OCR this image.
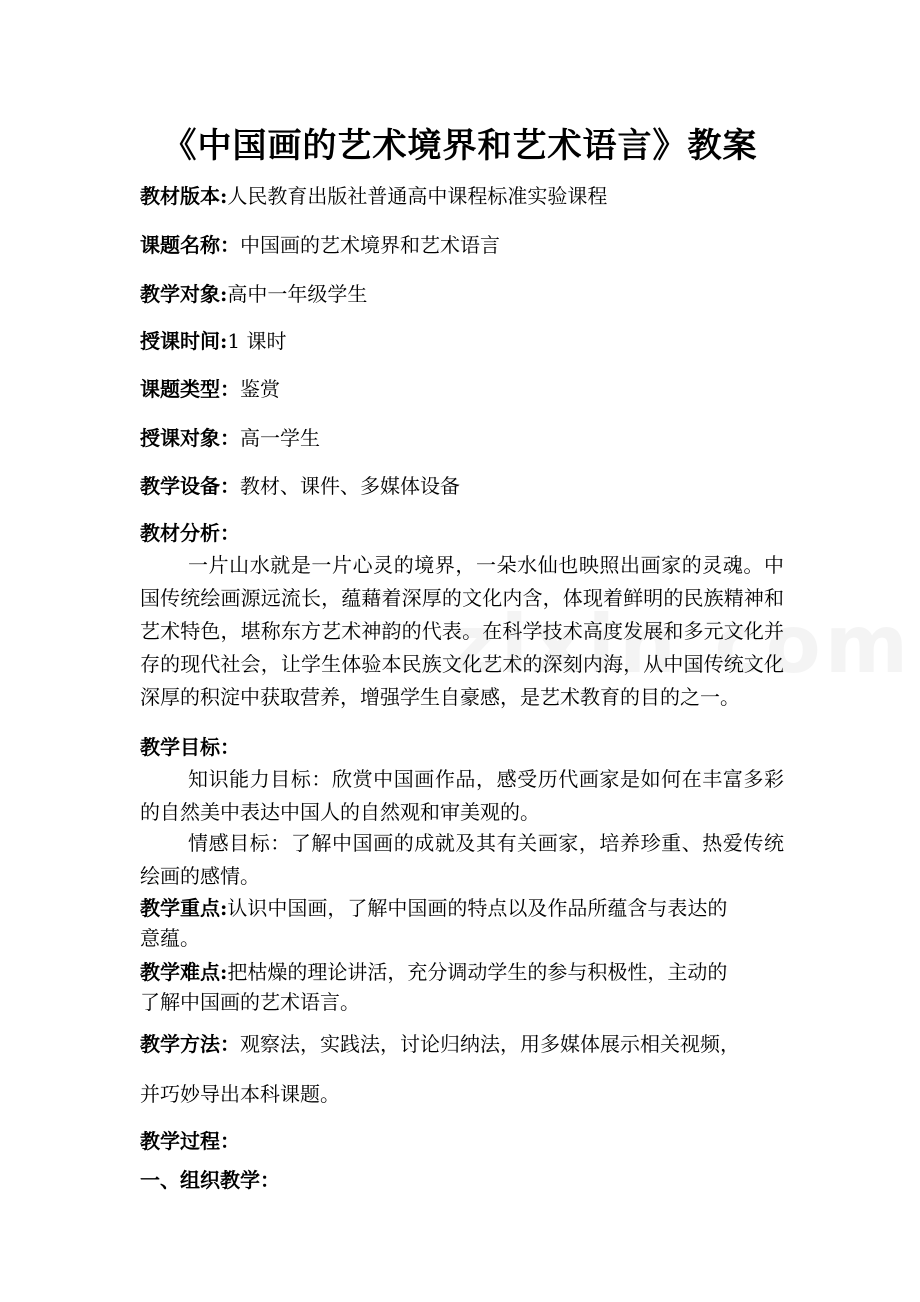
《中国画的艺术境界和艺术语言》教案
教材版本:人民教育出版社普通高中课程标准实验课程
课题名称：中国画的艺术境界和艺术语言
教学对象:高中一年级学生
授课时间:1 课时
课题类型：鉴赏
授课对象：高一学生
教学设备：教材、课件、多媒体设备
教材分析：
一片山水就是一片心灵的境界，一朵水仙也映照出画家的灵魂。中国传统绘画源远流长，蕴藉着深厚的文化内含，体现着鲜明的民族精神和艺术特色，堪称东方艺术神韵的代表。在科学技术高度发展和多元文化并存的现代社会，让学生体验本民族文化艺术的深刻内海，从中国传统文化深厚的积淀中获取营养，增强学生自豪感，是艺术教育的目的之一。
教学目标：
知识能力目标：欣赏中国画作品，感受历代画家是如何在丰富多彩的自然美中表达中国人的自然观和审美观的。
情感目标：了解中国画的成就及其有关画家，培养珍重、热爱传统绘画的感情。
教学重点:认识中国画，了解中国画的特点以及作品所蕴含与表达的
意蕴。
教学难点:把枯燥的理论讲活，充分调动学生的参与积极性，主动的
了解中国画的艺术语言。
教学方法：观察法，实践法，讨论归纳法，用多媒体展示相关视频，
并巧妙导出本科课题。
教学过程：
一、组织教学：
